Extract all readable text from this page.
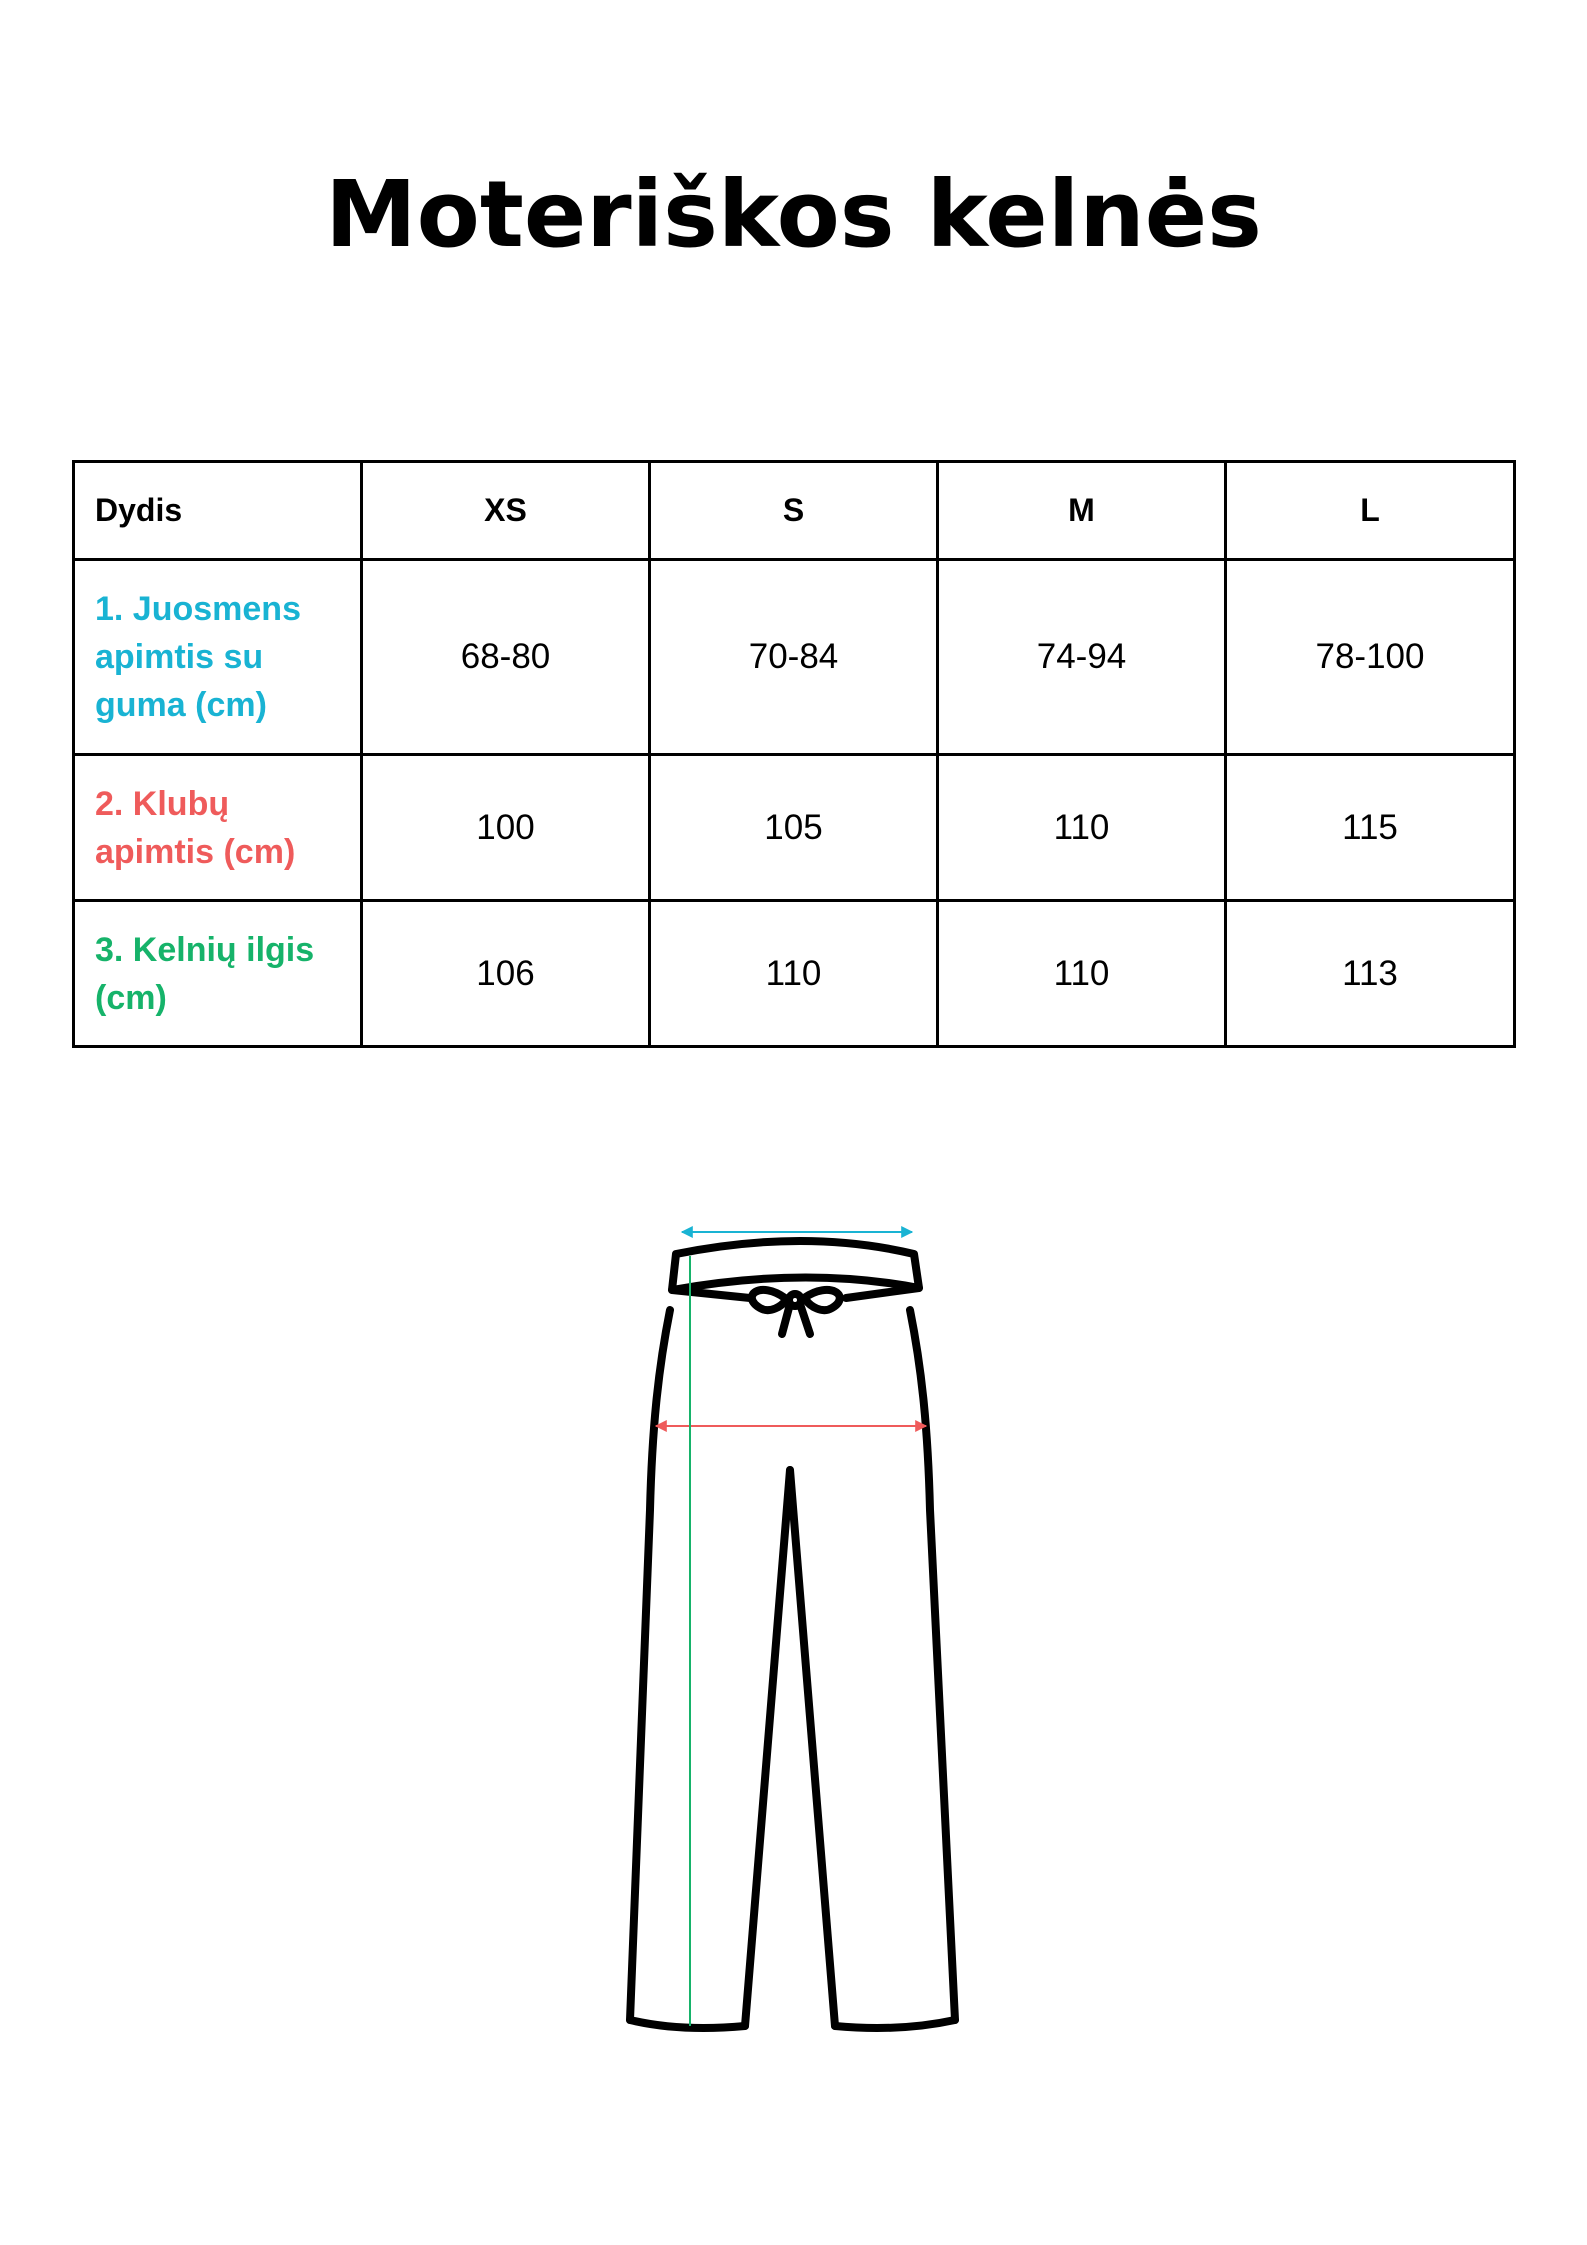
Moteriškos kelnės
Dydis	XS	S	M	L
1. Juosmens apimtis su guma (cm)	68-80	70-84	74-94	78-100
2. Klubų apimtis (cm)	100	105	110	115
3. Kelnių ilgis (cm)	106	110	110	113
